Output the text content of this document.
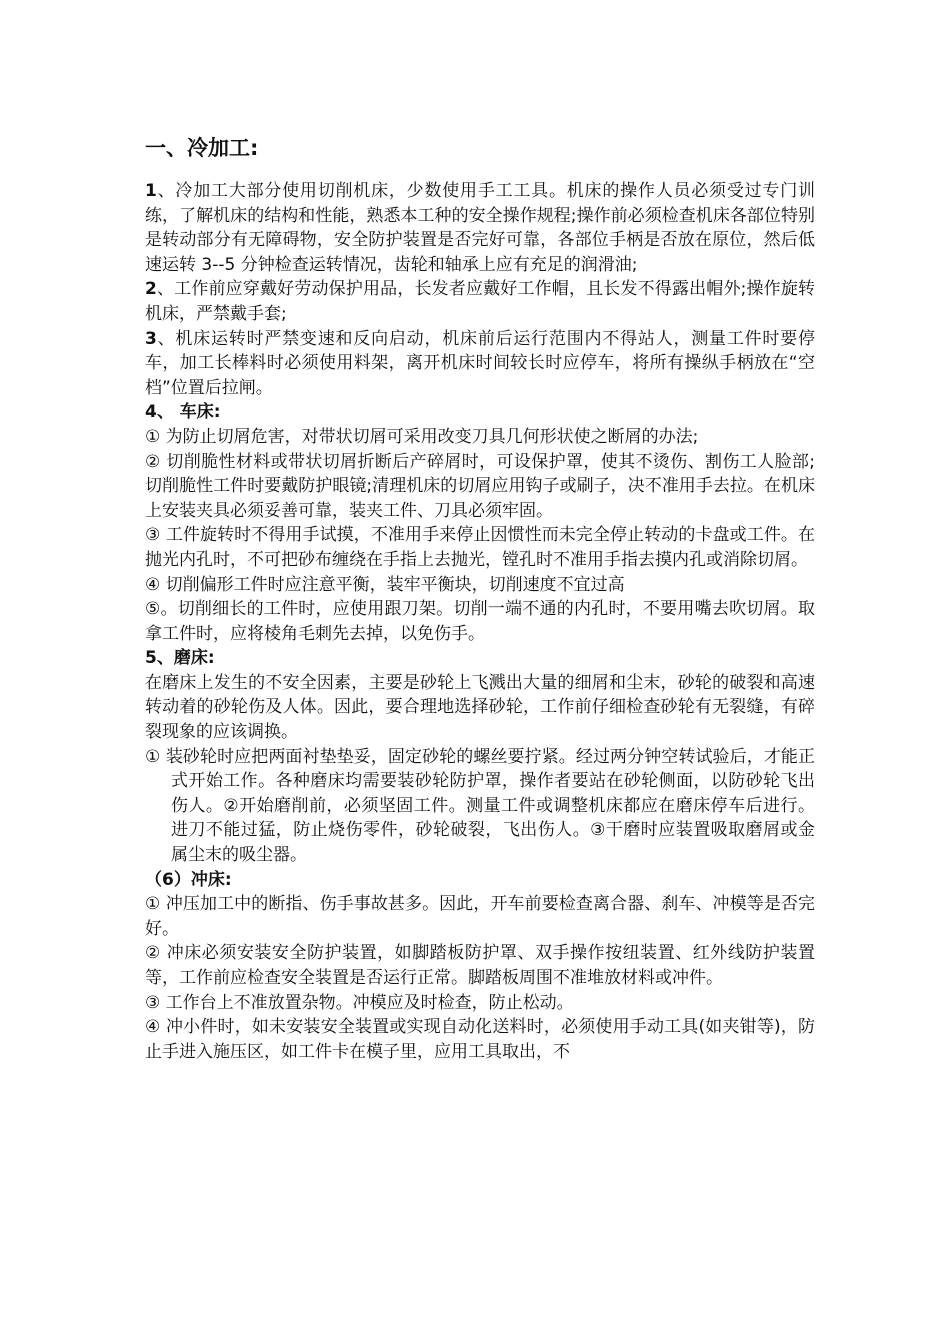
一、冷加工:

1、冷加工大部分使用切削机床，少数使用手工工具。机床的操作人员必须受过专门训练，了解机床的结构和性能，熟悉本工种的安全操作规程;操作前必须检查机床各部位特别是转动部分有无障碍物，安全防护装置是否完好可靠，各部位手柄是否放在原位，然后低速运转 3--5 分钟检查运转情况，齿轮和轴承上应有充足的润滑油;

2、工作前应穿戴好劳动保护用品，长发者应戴好工作帽，且长发不得露出帽外;操作旋转机床，严禁戴手套;

3、机床运转时严禁变速和反向启动，机床前后运行范围内不得站人，测量工件时要停车，加工长棒料时必须使用料架，离开机床时间较长时应停车，将所有操纵手柄放在“空档”位置后拉闸。

4、 车床:

① 为防止切屑危害，对带状切屑可采用改变刀具几何形状使之断屑的办法;

② 切削脆性材料或带状切屑折断后产碎屑时，可设保护罩，使其不烫伤、割伤工人脸部;切削脆性工件时要戴防护眼镜;清理机床的切屑应用钩子或刷子，决不准用手去拉。在机床上安装夹具必须妥善可靠，装夹工件、刀具必须牢固。

③ 工件旋转时不得用手试摸，不准用手来停止因惯性而未完全停止转动的卡盘或工件。在抛光内孔时，不可把砂布缠绕在手指上去抛光，镗孔时不准用手指去摸内孔或消除切屑。

④ 切削偏形工件时应注意平衡，装牢平衡块，切削速度不宜过高

⑤。切削细长的工件时，应使用跟刀架。切削一端不通的内孔时，不要用嘴去吹切屑。取拿工件时，应将棱角毛刺先去掉，以免伤手。

5、磨床:

在磨床上发生的不安全因素，主要是砂轮上飞溅出大量的细屑和尘末，砂轮的破裂和高速转动着的砂轮伤及人体。因此，要合理地选择砂轮，工作前仔细检查砂轮有无裂缝，有碎裂现象的应该调换。

① 装砂轮时应把两面衬垫垫妥，固定砂轮的螺丝要拧紧。经过两分钟空转试验后，才能正式开始工作。各种磨床均需要装砂轮防护罩，操作者要站在砂轮侧面，以防砂轮飞出伤人。②开始磨削前，必须坚固工件。测量工件或调整机床都应在磨床停车后进行。进刀不能过猛，防止烧伤零件，砂轮破裂，飞出伤人。③干磨时应装置吸取磨屑或金属尘末的吸尘器。

（6）冲床:

① 冲压加工中的断指、伤手事故甚多。因此，开车前要检查离合器、刹车、冲模等是否完好。

② 冲床必须安装安全防护装置，如脚踏板防护罩、双手操作按纽装置、红外线防护装置等，工作前应检查安全装置是否运行正常。脚踏板周围不准堆放材料或冲件。

③ 工作台上不准放置杂物。冲模应及时检查，防止松动。

④ 冲小件时，如未安装安全装置或实现自动化送料时，必须使用手动工具(如夹钳等)，防止手进入施压区，如工件卡在模子里，应用工具取出，不
